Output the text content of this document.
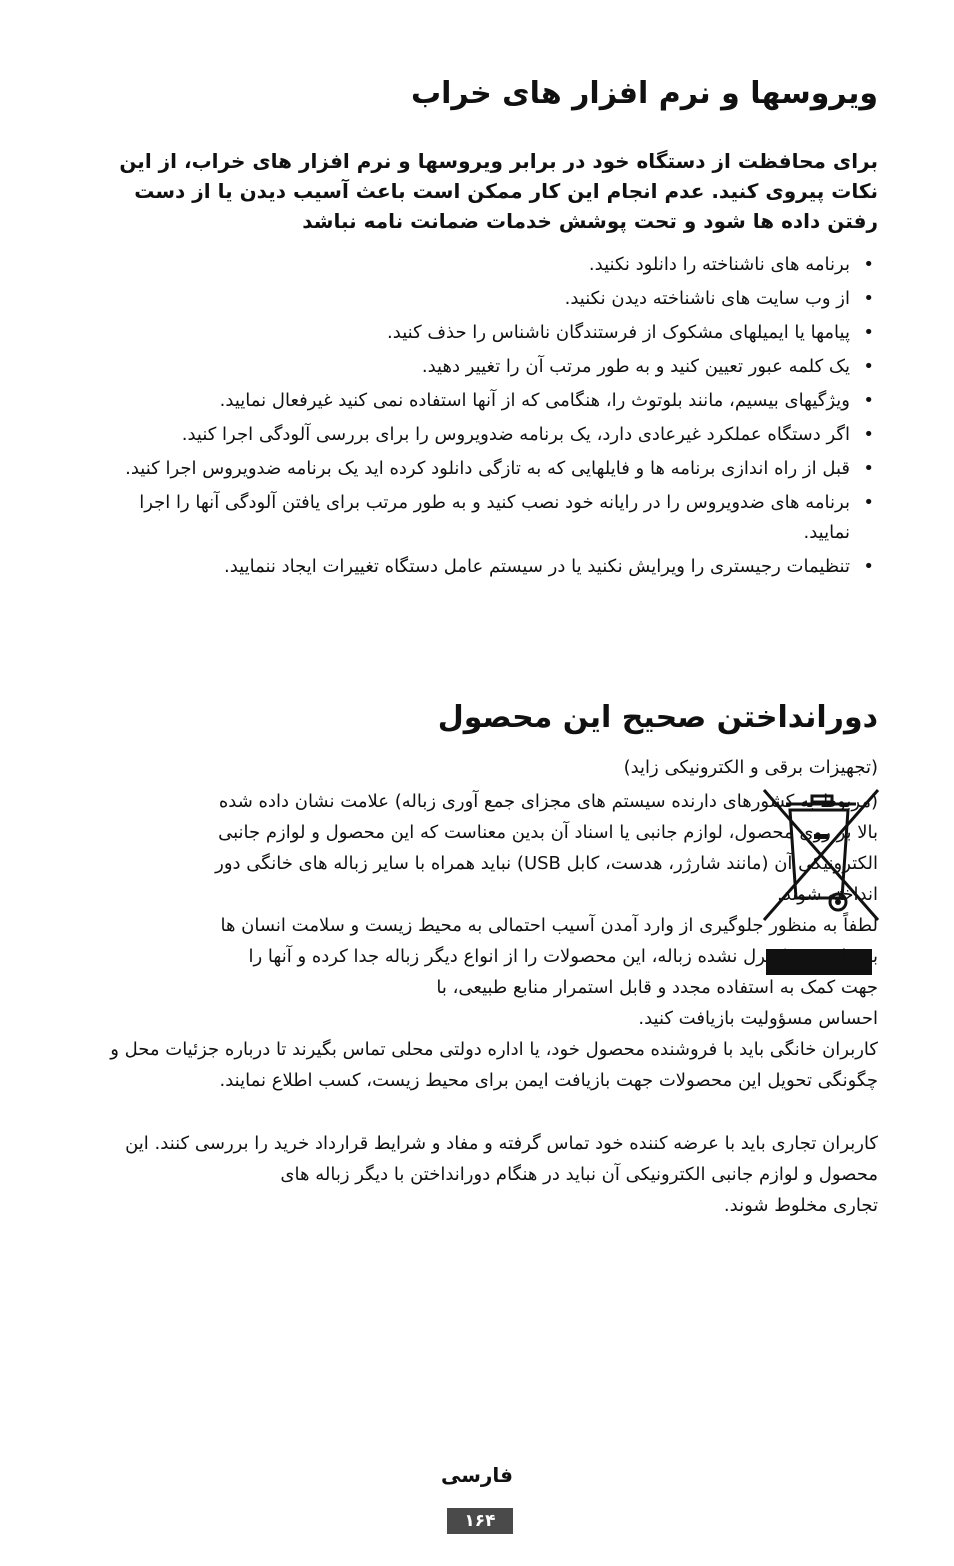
ویروسها و نرم افزار های خراب
برای محافظت از دستگاه خود در برابر ویروسها و نرم افزار های خراب، از این نکات پیروی کنید. عدم انجام این کار ممکن است باعث آسیب دیدن یا از دست رفتن داده ها شود و تحت پوشش خدمات ضمانت نامه نباشد
•
برنامه های ناشناخته را دانلود نکنید.
•
از وب سایت های ناشناخته دیدن نکنید.
•
پیامها یا ایمیلهای مشکوک از فرستندگان ناشناس را حذف کنید.
•
یک کلمه عبور تعیین کنید و به طور مرتب آن را تغییر دهید.
•
ویژگیهای بیسیم، مانند بلوتوث را، هنگامی که از آنها استفاده نمی کنید غیرفعال نمایید.
•
اگر دستگاه عملکرد غیرعادی دارد، یک برنامه ضدویروس را برای بررسی آلودگی اجرا کنید.
•
قبل از راه اندازی برنامه ها و فایلهایی که به تازگی دانلود کرده اید یک برنامه ضدویروس اجرا کنید.
•
برنامه های ضدویروس را در رایانه خود نصب کنید و به طور مرتب برای یافتن آلودگی آنها را اجرا نمایید.
•
تنظیمات رجیستری را ویرایش نکنید یا در سیستم عامل دستگاه تغییرات ایجاد ننمایید.
دورانداختن صحیح این محصول
(تجهیزات برقی و الکترونیکی زاید)
(مربوط به کشورهای دارنده سیستم های مجزای جمع آوری زباله) علامت نشان داده شده بالا بر روی محصول، لوازم جانبی یا اسناد آن بدین معناست که این محصول و لوازم جانبی الکترونیکی آن (مانند شارژر، هدست، کابل USB) نباید همراه با سایر زباله های خانگی دور انداخته شوند.
لطفاً به منظور جلوگیری از وارد آمدن آسیب احتمالی به محیط زیست و سلامت انسان ها به علت دفع کنترل نشده زباله، این محصولات را از انواع دیگر زباله جدا کرده و آنها را جهت کمک به استفاده مجدد و قابل استمرار منابع طبیعی، با
احساس مسؤولیت بازیافت کنید.
کاربران خانگی باید با فروشنده محصول خود، یا اداره دولتی محلی تماس بگیرند تا درباره جزئیات محل و چگونگی تحویل این محصولات جهت بازیافت ایمن برای محیط زیست، کسب اطلاع نمایند.
کاربران تجاری باید با عرضه کننده خود تماس گرفته و مفاد و شرایط قرارداد خرید را بررسی کنند. این محصول و لوازم جانبی الکترونیکی آن نباید در هنگام دورانداختن با دیگر زباله های
تجاری مخلوط شوند.
فارسی
۱۶۴
